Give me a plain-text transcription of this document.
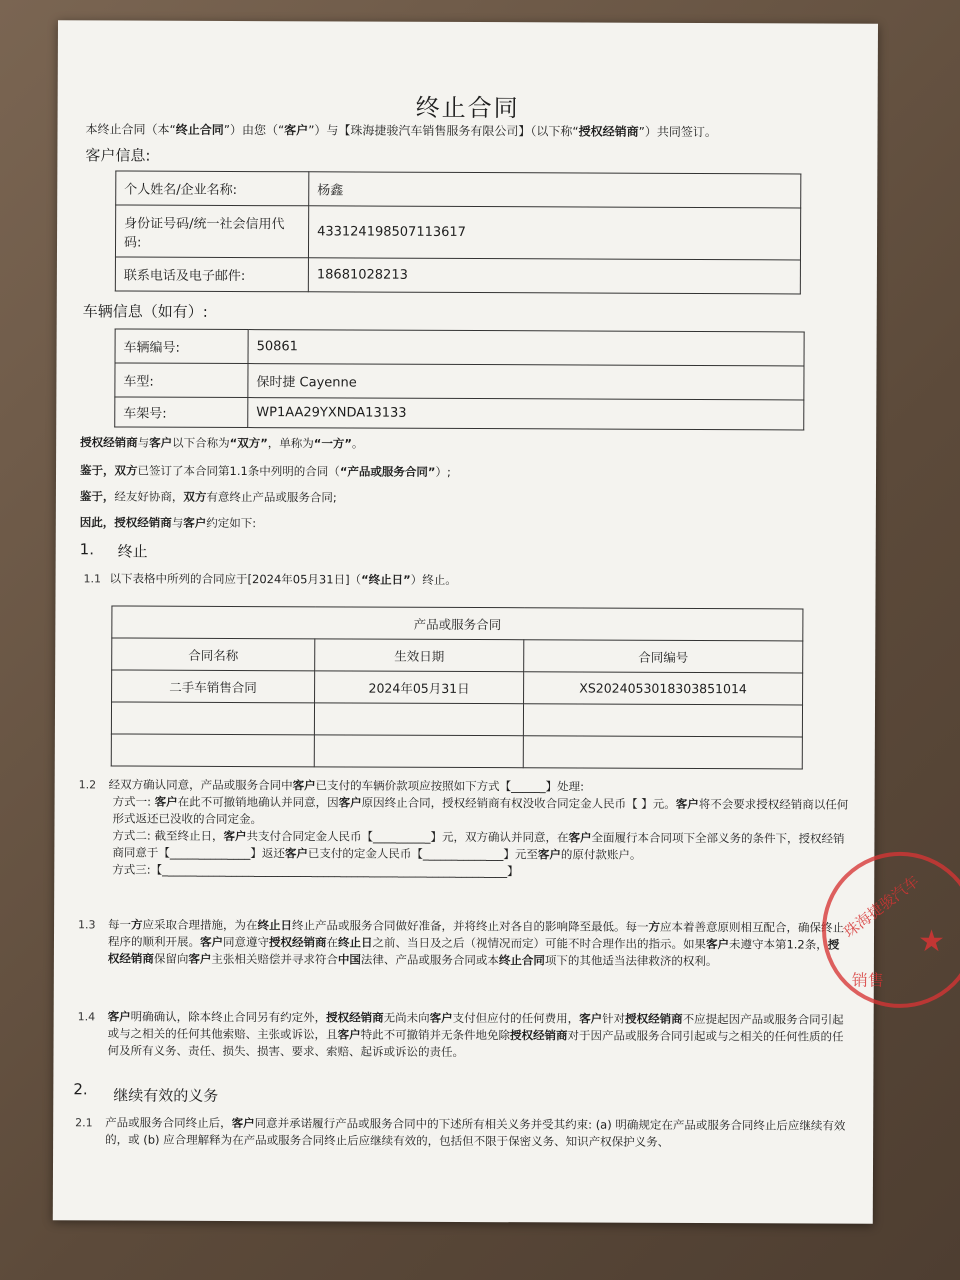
终止合同
本终止合同（本“终止合同”）由您（“客户”）与【珠海捷骏汽车销售服务有限公司】（以下称“授权经销商”）共同签订。
客户信息:
个人姓名/企业名称:	杨鑫
身份证号码/统一社会信用代码:	433124198507113617
联系电话及电子邮件:	18681028213
车辆信息（如有）:
车辆编号:	50861
车型:	保时捷 Cayenne
车架号:	WP1AA29YXNDA13133
授权经销商与客户以下合称为“双方”，单称为“一方”。
鉴于，双方已签订了本合同第1.1条中列明的合同（“产品或服务合同”）;
鉴于，经友好协商，双方有意终止产品或服务合同;
因此，授权经销商与客户约定如下:
1. 终止
1.1 以下表格中所列的合同应于[2024年05月31日]（“终止日”）终止。
产品或服务合同		
合同名称	生效日期	合同编号
二手车销售合同	2024年05月31日	XS2024053018303851014

1.2 经双方确认同意，产品或服务合同中客户已支付的车辆价款项应按照如下方式【______】处理:
方式一: 客户在此不可撤销地确认并同意，因客户原因终止合同，授权经销商有权没收合同定金人民币【 】元。客户将不会要求授权经销商以任何形式返还已没收的合同定金。
方式二: 截至终止日，客户共支付合同定金人民币【__________】元，双方确认并同意，在客户全面履行本合同项下全部义务的条件下，授权经销商同意于【______________】返还客户已支付的定金人民币【______________】元至客户的原付款账户。
方式三:【____________________________________________________________】
1.3 每一方应采取合理措施，为在终止日终止产品或服务合同做好准备，并将终止对各自的影响降至最低。每一方应本着善意原则相互配合，确保终止程序的顺利开展。客户同意遵守授权经销商在终止日之前、当日及之后（视情况而定）可能不时合理作出的指示。如果客户未遵守本第1.2条，授权经销商保留向客户主张相关赔偿并寻求符合中国法律、产品或服务合同或本终止合同项下的其他适当法律救济的权利。
1.4 客户明确确认，除本终止合同另有约定外，授权经销商无尚未向客户支付但应付的任何费用，客户针对授权经销商不应提起因产品或服务合同引起或与之相关的任何其他索赔、主张或诉讼，且客户特此不可撤销并无条件地免除授权经销商对于因产品或服务合同引起或与之相关的任何性质的任何及所有义务、责任、损失、损害、要求、索赔、起诉或诉讼的责任。
2. 继续有效的义务
2.1 产品或服务合同终止后，客户同意并承诺履行产品或服务合同中的下述所有相关义务并受其约束: (a) 明确规定在产品或服务合同终止后应继续有效的，或 (b) 应合理解释为在产品或服务合同终止后应继续有效的，包括但不限于保密义务、知识产权保护义务、
珠海捷骏汽车
★
销售
